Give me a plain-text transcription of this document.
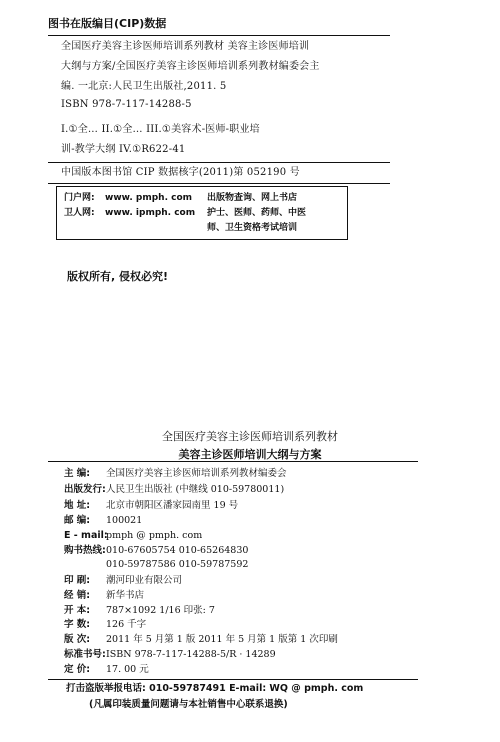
图书在版编目(CIP)数据
全国医疗美容主诊医师培训系列教材 美容主诊医师培训
大纲与方案/全国医疗美容主诊医师培训系列教材编委会主
编. 一北京:人民卫生出版社,2011. 5
ISBN 978-7-117-14288-5
I.①全… II.①全… III.①美容术-医师-职业培
训-教学大纲 IV.①R622-41
中国版本图书馆 CIP 数据核字(2011)第 052190 号
门户网: www. pmph. com 出版物查询、网上书店
卫人网: www. ipmph. com 护士、医师、药师、中医
师、卫生资格考试培训
版权所有, 侵权必究!
全国医疗美容主诊医师培训系列教材
美容主诊医师培训大纲与方案
主 编: 全国医疗美容主诊医师培训系列教材编委会
出版发行: 人民卫生出版社 (中继线 010-59780011)
地 址: 北京市朝阳区潘家园南里 19 号
邮 编: 100021
E - mail:
pmph @ pmph. com
购书热线: 010-67605754 010-65264830
010-59787586 010-59787592
印 刷: 潮河印业有限公司
经 销: 新华书店
开 本: 787×1092 1/16 印张: 7
字 数: 126 千字
版 次: 2011 年 5 月第 1 版 2011 年 5 月第 1 版第 1 次印刷
标准书号: ISBN 978-7-117-14288-5/R · 14289
定 价: 17. 00 元
打击盗版举报电话: 010-59787491 E-mail: WQ @ pmph. com
(凡属印装质量问题请与本社销售中心联系退换)
